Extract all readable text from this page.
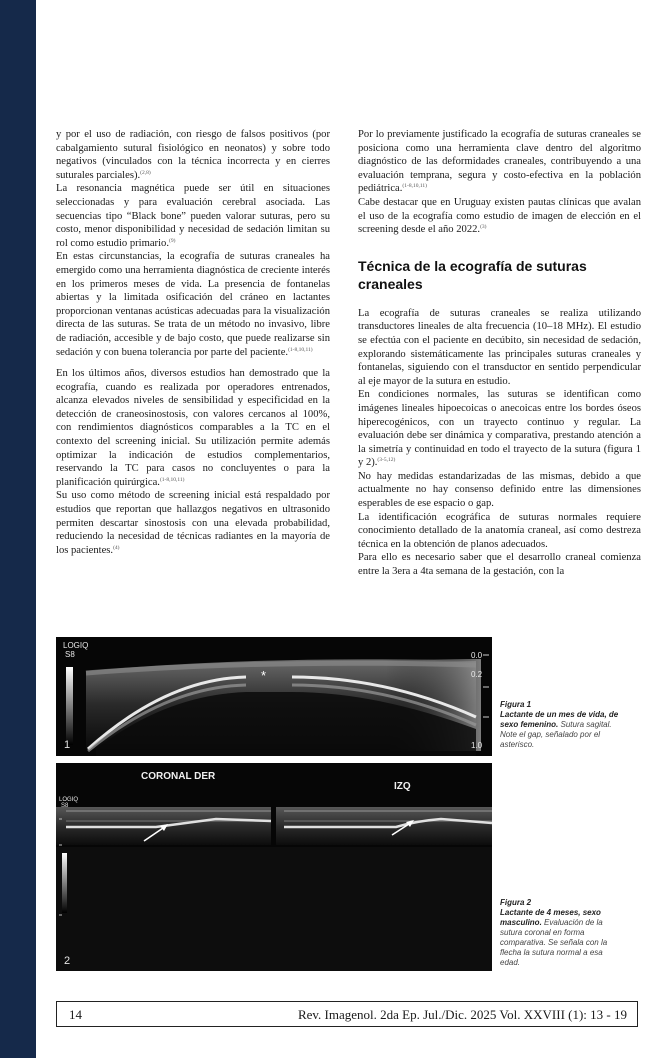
y por el uso de radiación, con riesgo de falsos positivos (por cabalgamiento sutural fisiológico en neonatos) y sobre todo negativos (vinculados con la técnica incorrecta y en cierres suturales parciales).$^{(2,8)}$

La resonancia magnética puede ser útil en situaciones seleccionadas y para evaluación cerebral asociada. Las secuencias tipo “Black bone” pueden valorar suturas, pero su costo, menor disponibilidad y necesidad de sedación limitan su rol como estudio primario.$^{(9)}$

En estas circunstancias, la ecografía de suturas craneales ha emergido como una herramienta diagnóstica de creciente interés en los primeros meses de vida. La presencia de fontanelas abiertas y la limitada osificación del cráneo en lactantes proporcionan ventanas acústicas adecuadas para la visualización directa de las suturas. Se trata de un método no invasivo, libre de radiación, accesible y de bajo costo, que puede realizarse sin sedación y con buena tolerancia por parte del paciente.$^{(1-8,10,11)}$

En los últimos años, diversos estudios han demostrado que la ecografía, cuando es realizada por operadores entrenados, alcanza elevados niveles de sensibilidad y especificidad en la detección de craneosinostosis, con valores cercanos al 100%, con rendimientos diagnósticos comparables a la TC en el contexto del screening inicial. Su utilización permite además optimizar la indicación de estudios complementarios, reservando la TC para casos no concluyentes o para la planificación quirúrgica.$^{(1-8,10,11)}$

Su uso como método de screening inicial está respaldado por estudios que reportan que hallazgos negativos en ultrasonido permiten descartar sinostosis con una elevada probabilidad, reduciendo la necesidad de técnicas radiantes en la mayoría de los pacientes.$^{(4)}$

Por lo previamente justificado la ecografía de suturas craneales se posiciona como una herramienta clave dentro del algoritmo diagnóstico de las deformidades craneales, contribuyendo a una evaluación temprana, segura y costo-efectiva en la población pediátrica.$^{(1-8,10,11)}$

Cabe destacar que en Uruguay existen pautas clínicas que avalan el uso de la ecografía como estudio de imagen de elección en el screening desde el año 2022.$^{(3)}$

Técnica de la ecografía de suturas craneales

La ecografía de suturas craneales se realiza utilizando transductores lineales de alta frecuencia (10–18 MHz). El estudio se efectúa con el paciente en decúbito, sin necesidad de sedación, explorando sistemáticamente las principales suturas craneales y fontanelas, siguiendo con el transductor en sentido perpendicular al eje mayor de la sutura en estudio.

En condiciones normales, las suturas se identifican como imágenes lineales hipoecoicas o anecoicas entre los bordes óseos hiperecogénicos, con un trayecto continuo y regular. La evaluación debe ser dinámica y comparativa, prestando atención a la simetría y continuidad en todo el trayecto de la sutura (figura 1 y 2).$^{(3-5,12)}$

No hay medidas estandarizadas de las mismas, debido a que actualmente no hay consenso definido entre las dimensiones esperables de ese espacio o gap.

La identificación ecográfica de suturas normales requiere conocimiento detallado de la anatomía craneal, así como destreza técnica en la obtención de planos adecuados.

Para ello es necesario saber que el desarrollo craneal comienza entre la 3era a 4ta semana de la gestación, con la

LOGIQ
S8
*
0.0
0.2
1.0
1
Figura 1
Lactante de un mes de vida, de sexo femenino. Sutura sagital. Note el gap, señalado por el asterisco.
CORONAL DER
IZQ
LOGIQ
S8
2
Figura 2
Lactante de 4 meses, sexo masculino. Evaluación de la sutura coronal en forma comparativa. Se señala con la flecha la sutura normal a esa edad.
14	Rev. Imagenol. 2da Ep. Jul./Dic. 2025 Vol. XXVIII (1): 13 - 19
